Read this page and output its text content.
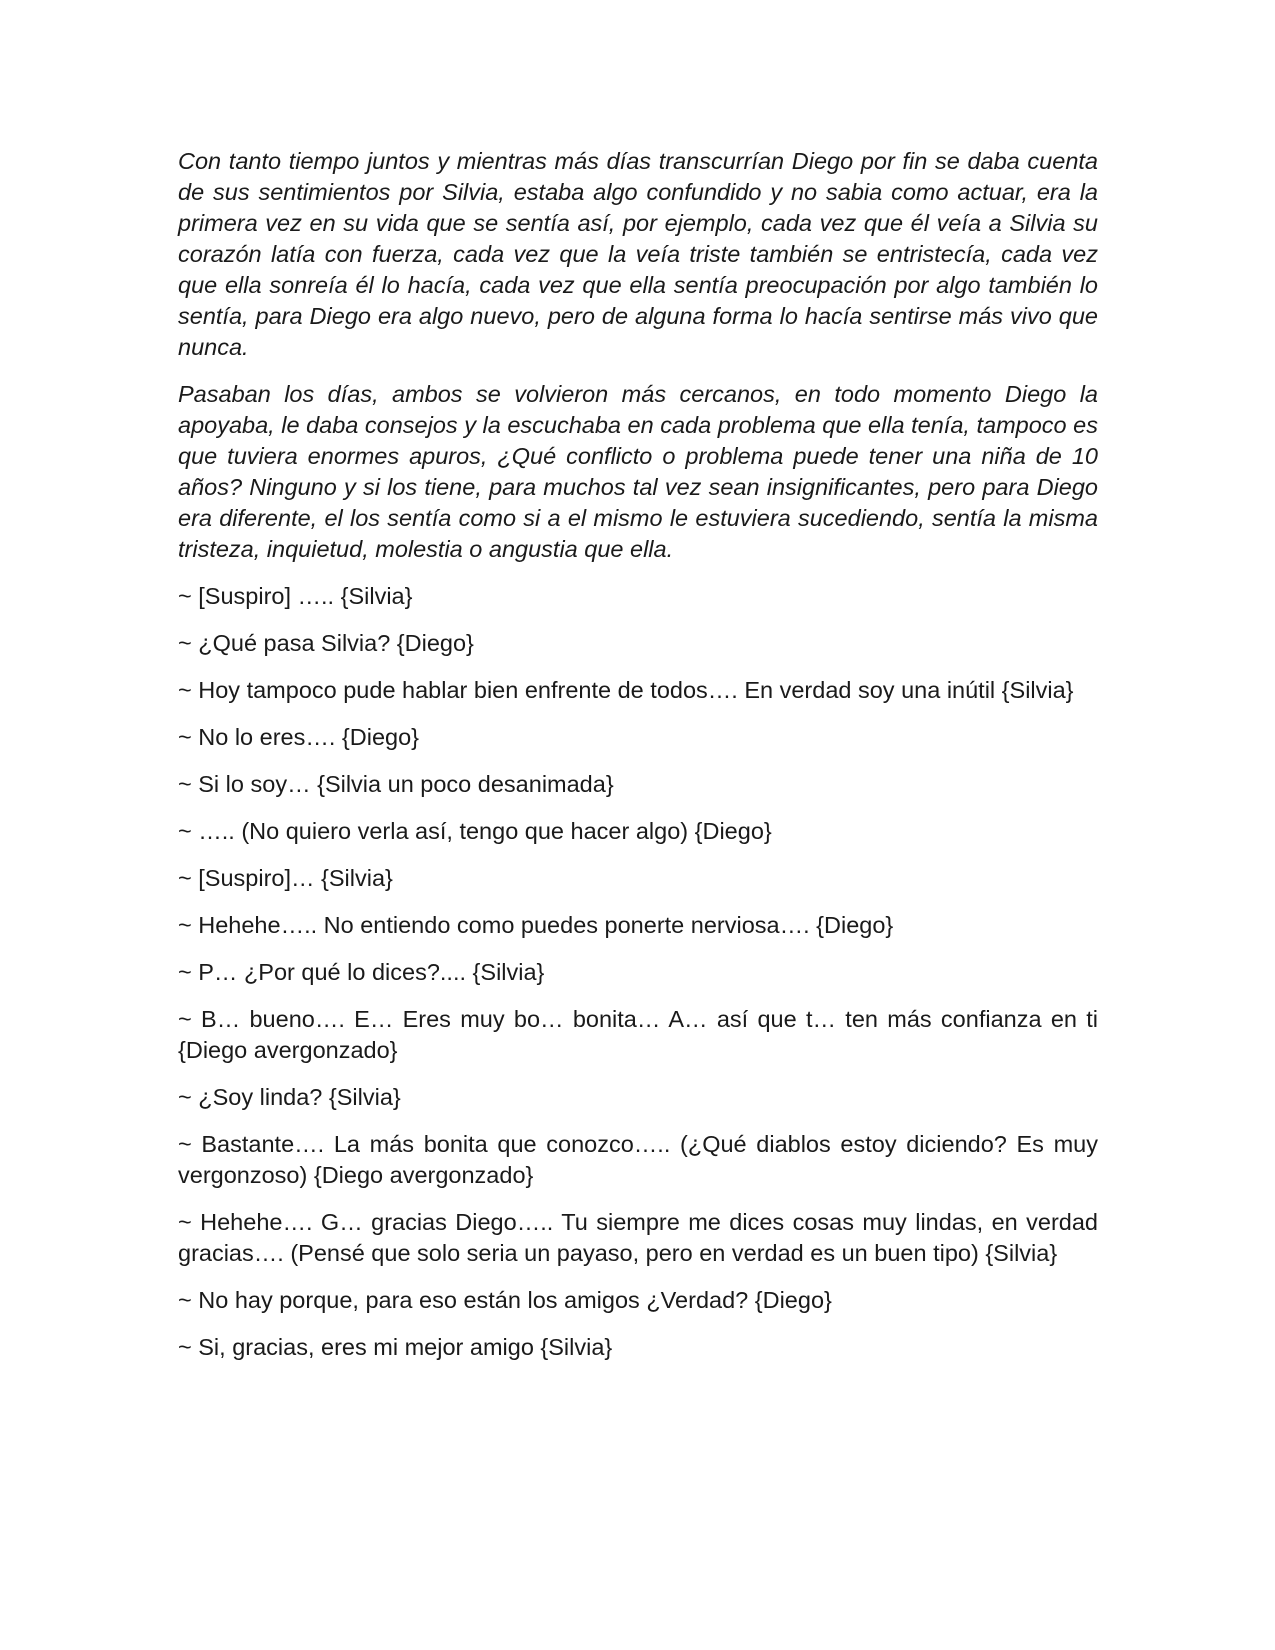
Con tanto tiempo juntos y mientras más días transcurrían Diego por fin se daba cuenta de sus sentimientos por Silvia, estaba algo confundido y no sabia como actuar, era la primera vez en su vida que se sentía así, por ejemplo, cada vez que él veía a Silvia su corazón latía con fuerza, cada vez que la veía triste también se entristecía, cada vez que ella sonreía él lo hacía, cada vez que ella sentía preocupación por algo también lo sentía, para Diego era algo nuevo, pero de alguna forma lo hacía sentirse más vivo que nunca.

Pasaban los días, ambos se volvieron más cercanos, en todo momento Diego la apoyaba, le daba consejos y la escuchaba en cada problema que ella tenía, tampoco es que tuviera enormes apuros, ¿Qué conflicto o problema puede tener una niña de 10 años? Ninguno y si los tiene, para muchos tal vez sean insignificantes, pero para Diego era diferente, el los sentía como si a el mismo le estuviera sucediendo, sentía la misma tristeza, inquietud, molestia o angustia que ella.

~ [Suspiro] ….. {Silvia}

~ ¿Qué pasa Silvia? {Diego}

~ Hoy tampoco pude hablar bien enfrente de todos…. En verdad soy una inútil {Silvia}

~ No lo eres…. {Diego}

~ Si lo soy… {Silvia un poco desanimada}

~ ….. (No quiero verla así, tengo que hacer algo) {Diego}

~ [Suspiro]… {Silvia}

~ Hehehe….. No entiendo como puedes ponerte nerviosa…. {Diego}

~ P… ¿Por qué lo dices?.... {Silvia}

~ B… bueno…. E… Eres muy bo… bonita… A… así que t… ten más confianza en ti {Diego avergonzado}

~ ¿Soy linda? {Silvia}

~ Bastante…. La más bonita que conozco….. (¿Qué diablos estoy diciendo? Es muy vergonzoso) {Diego avergonzado}

~ Hehehe…. G… gracias Diego….. Tu siempre me dices cosas muy lindas, en verdad gracias…. (Pensé que solo seria un payaso, pero en verdad es un buen tipo) {Silvia}

~ No hay porque, para eso están los amigos ¿Verdad? {Diego}

~ Si, gracias, eres mi mejor amigo {Silvia}
